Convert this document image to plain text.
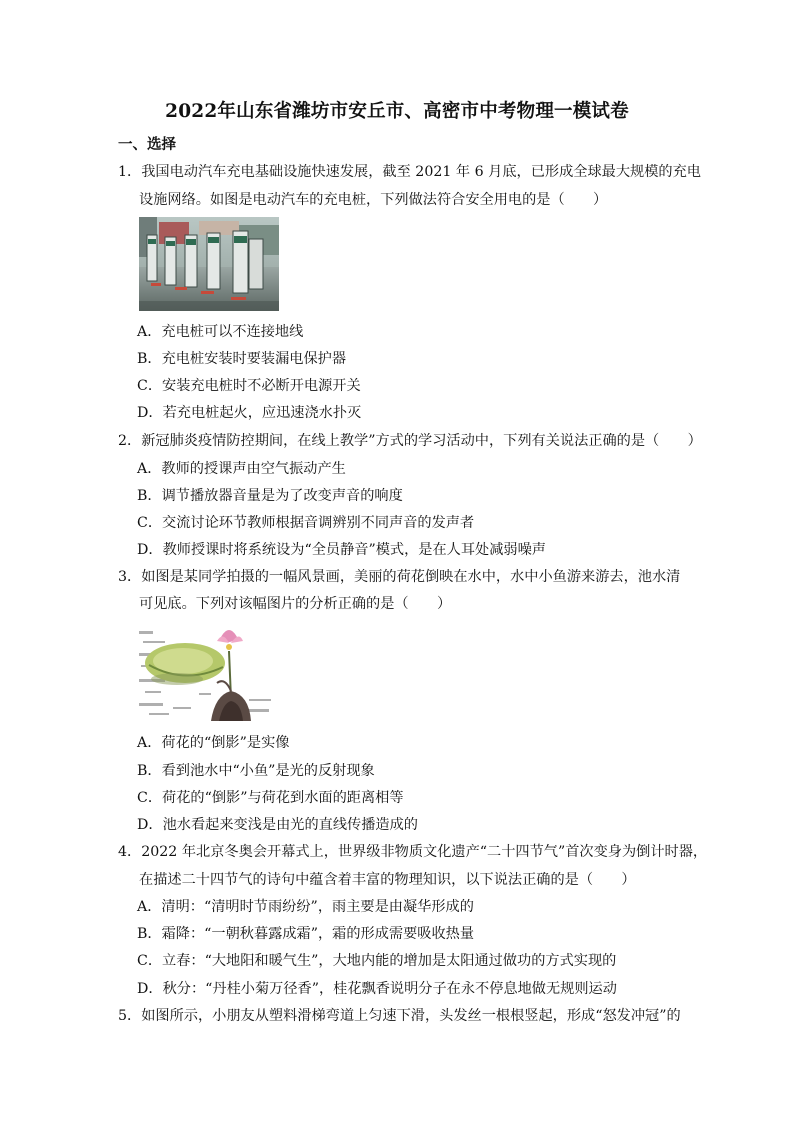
2022年山东省潍坊市安丘市、高密市中考物理一模试卷
一、选择
1．我国电动汽车充电基础设施快速发展，截至 2021 年 6 月底，已形成全球最大规模的充电
设施网络。如图是电动汽车的充电桩，下列做法符合安全用电的是（　　）
A．充电桩可以不连接地线
B．充电桩安装时要装漏电保护器
C．安装充电桩时不必断开电源开关
D．若充电桩起火，应迅速浇水扑灭
2．新冠肺炎疫情防控期间，在线上教学”方式的学习活动中，下列有关说法正确的是（　　）
A．教师的授课声由空气振动产生
B．调节播放器音量是为了改变声音的响度
C．交流讨论环节教师根据音调辨别不同声音的发声者
D．教师授课时将系统设为“全员静音”模式，是在人耳处减弱噪声
3．如图是某同学拍摄的一幅风景画，美丽的荷花倒映在水中，水中小鱼游来游去，池水清
可见底。下列对该幅图片的分析正确的是（　　）
A．荷花的“倒影”是实像
B．看到池水中“小鱼”是光的反射现象
C．荷花的“倒影”与荷花到水面的距离相等
D．池水看起来变浅是由光的直线传播造成的
4．2022 年北京冬奥会开幕式上，世界级非物质文化遗产“二十四节气”首次变身为倒计时器，
在描述二十四节气的诗句中蕴含着丰富的物理知识，以下说法正确的是（　　）
A．清明：“清明时节雨纷纷”，雨主要是由凝华形成的
B．霜降：“一朝秋暮露成霜”，霜的形成需要吸收热量
C．立春：“大地阳和暖气生”，大地内能的增加是太阳通过做功的方式实现的
D．秋分：“丹桂小菊万径香”，桂花飘香说明分子在永不停息地做无规则运动
5．如图所示，小朋友从塑料滑梯弯道上匀速下滑，头发丝一根根竖起，形成“怒发冲冠”的
